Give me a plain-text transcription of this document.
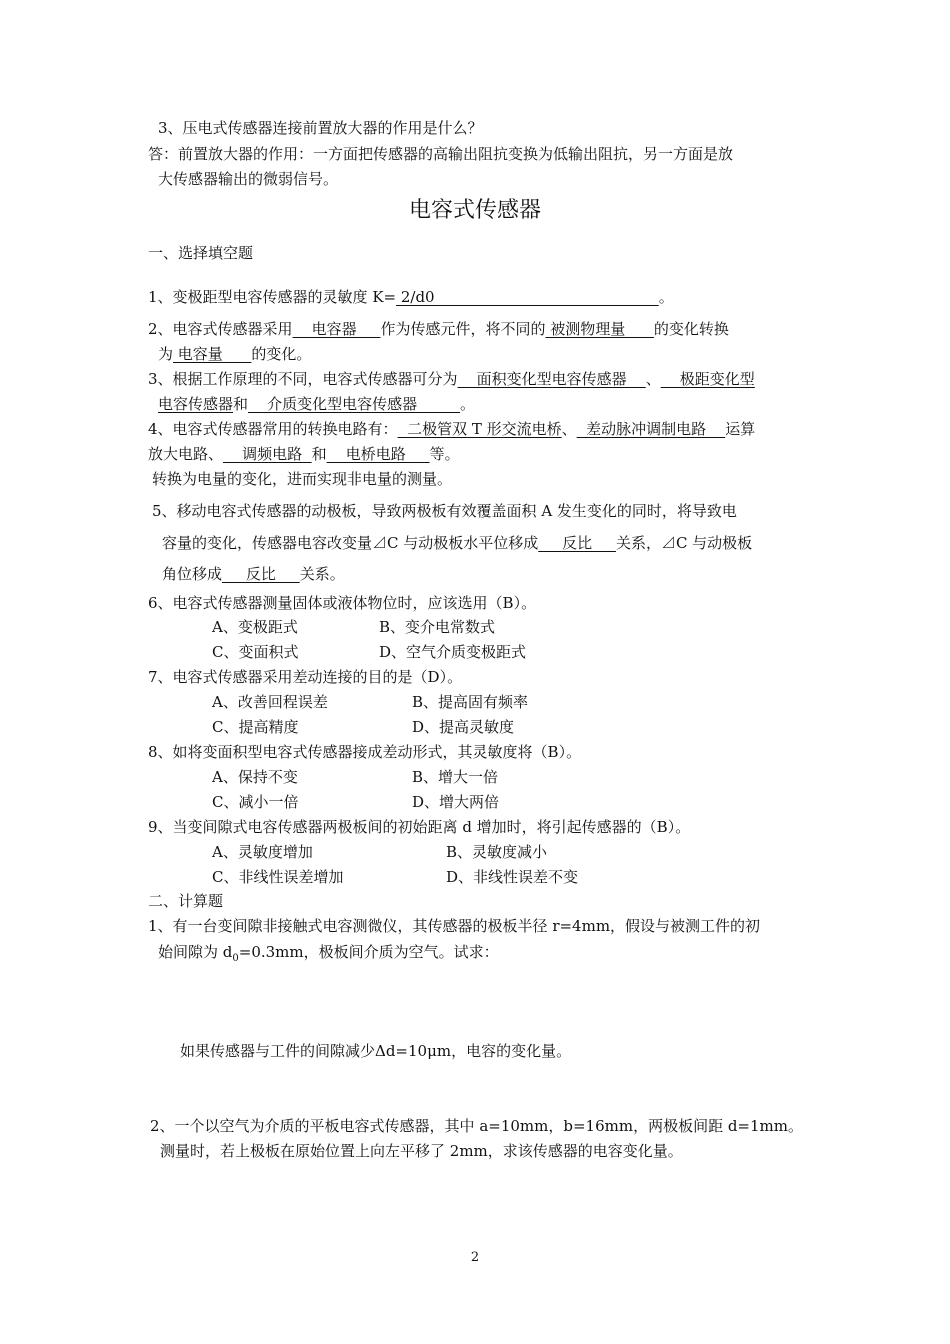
3、压电式传感器连接前置放大器的作用是什么？
答：前置放大器的作用：一方面把传感器的高输出阻抗变换为低输出阻抗，另一方面是放
大传感器输出的微弱信号。
电容式传感器
一、选择填空题
1、变极距型电容传感器的灵敏度 K= 2/d0                                               。
2、电容式传感器采用    电容器     作为传感元件，将不同的 被测物理量      的变化转换
为 电容量      的变化。
3、根据工作原理的不同，电容式传感器可分为    面积变化型电容传感器    、    极距变化型
电容传感器和    介质变化型电容传感器         。
4、电容式传感器常用的转换电路有：  二极管双 T 形交流电桥、  差动脉冲调制电路    运算
放大电路、    调频电路  和    电桥电路     等。
转换为电量的变化，进而实现非电量的测量。
5、移动电容式传感器的动极板，导致两极板有效覆盖面积 A 发生变化的同时，将导致电
容量的变化，传感器电容改变量⊿C 与动极板水平位移成     反比     关系，⊿C 与动极板
角位移成     反比     关系。
6、电容式传感器测量固体或液体物位时，应该选用（B）。
A、变极距式	B、变介电常数式
C、变面积式	D、空气介质变极距式
7、电容式传感器采用差动连接的目的是（D）。
A、改善回程误差	B、提高固有频率
C、提高精度	D、提高灵敏度
8、如将变面积型电容式传感器接成差动形式，其灵敏度将（B）。
A、保持不变	B、增大一倍
C、减小一倍	D、增大两倍
9、当变间隙式电容传感器两极板间的初始距离 d 增加时，将引起传感器的（B）。
A、灵敏度增加	B、灵敏度减小
C、非线性误差增加	D、非线性误差不变
二、计算题
1、有一台变间隙非接触式电容测微仪，其传感器的极板半径 r=4mm，假设与被测工件的初
始间隙为 $d_0=0.3mm$，极板间介质为空气。试求：
如果传感器与工件的间隙减少Δd=10μm，电容的变化量。
2、一个以空气为介质的平板电容式传感器，其中 a=10mm，b=16mm，两极板间距 d=1mm。
测量时，若上极板在原始位置上向左平移了 2mm，求该传感器的电容变化量。
2
